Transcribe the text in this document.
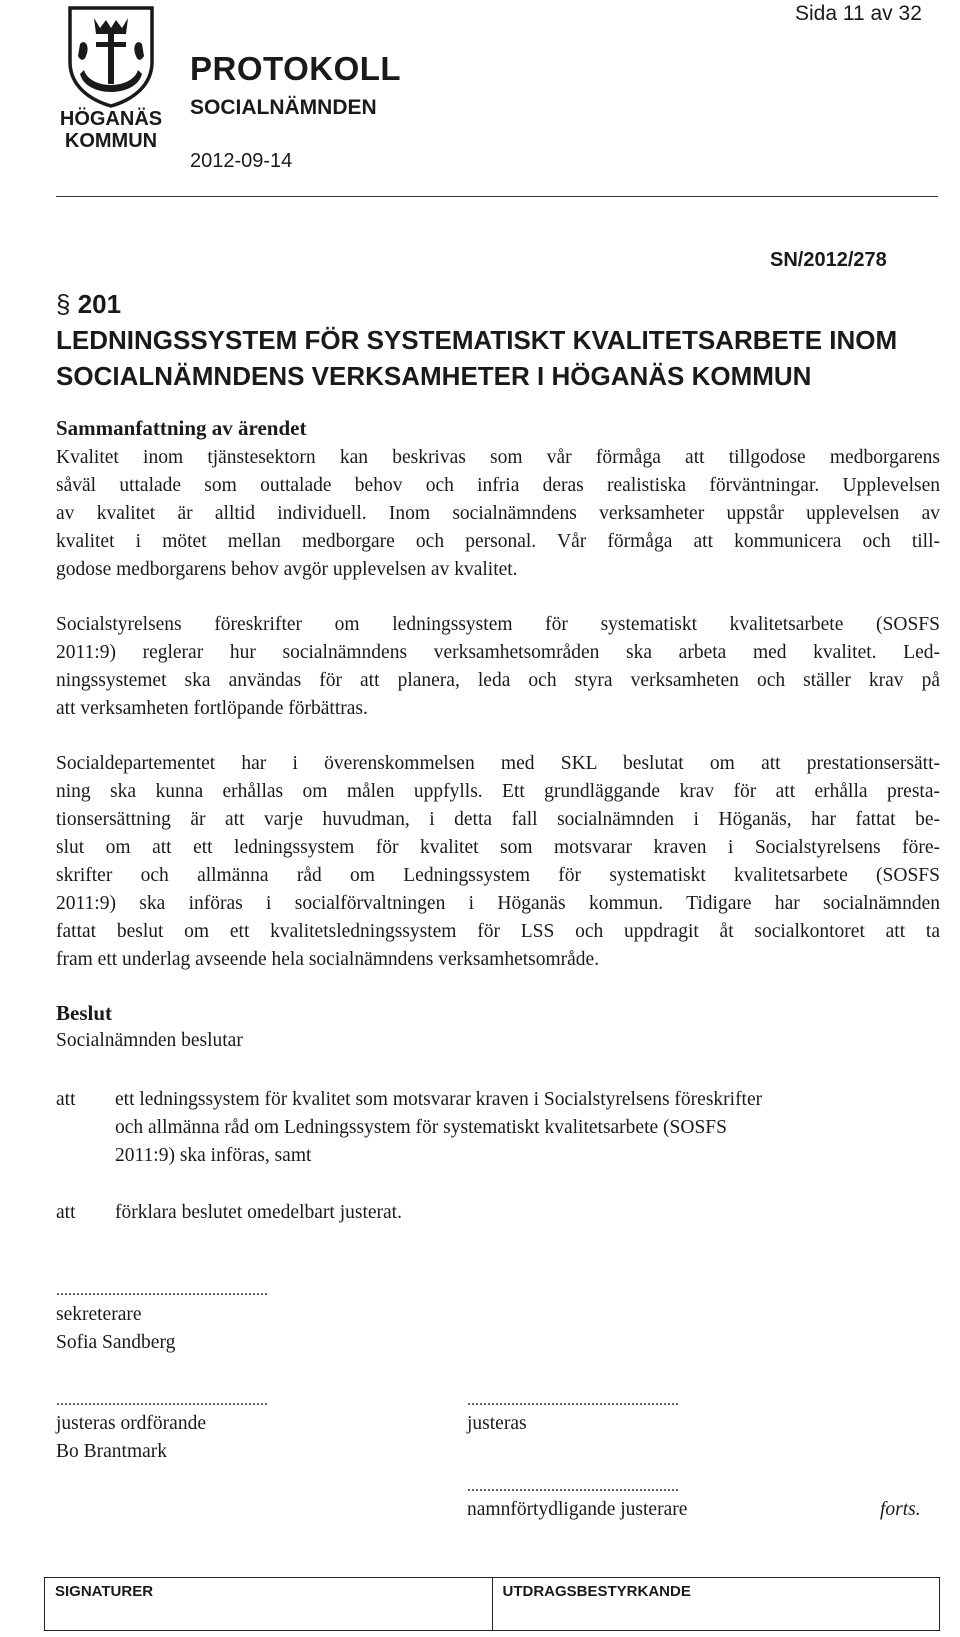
Sida 11 av 32
HÖGANÄS
KOMMUN
PROTOKOLL
SOCIALNÄMNDEN
2012-09-14
SN/2012/278
§ 201
LEDNINGSSYSTEM FÖR SYSTEMATISKT KVALITETSARBETE INOM
SOCIALNÄMNDENS VERKSAMHETER I HÖGANÄS KOMMUN
Sammanfattning av ärendet
Kvalitet inom tjänstesektorn kan beskrivas som vår förmåga att tillgodose medborgarens
såväl uttalade som outtalade behov och infria deras realistiska förväntningar. Upplevelsen
av kvalitet är alltid individuell. Inom socialnämndens verksamheter uppstår upplevelsen av
kvalitet i mötet mellan medborgare och personal. Vår förmåga att kommunicera och till-
godose medborgarens behov avgör upplevelsen av kvalitet.
Socialstyrelsens föreskrifter om ledningssystem för systematiskt kvalitetsarbete (SOSFS
2011:9) reglerar hur socialnämndens verksamhetsområden ska arbeta med kvalitet. Led-
ningssystemet ska användas för att planera, leda och styra verksamheten och ställer krav på
att verksamheten fortlöpande förbättras.
Socialdepartementet har i överenskommelsen med SKL beslutat om att prestationsersätt-
ning ska kunna erhållas om målen uppfylls. Ett grundläggande krav för att erhålla presta-
tionsersättning är att varje huvudman, i detta fall socialnämnden i Höganäs, har fattat be-
slut om att ett ledningssystem för kvalitet som motsvarar kraven i Socialstyrelsens före-
skrifter och allmänna råd om Ledningssystem för systematiskt kvalitetsarbete (SOSFS
2011:9) ska införas i socialförvaltningen i Höganäs kommun. Tidigare har socialnämnden
fattat beslut om ett kvalitetsledningssystem för LSS och uppdragit åt socialkontoret att ta
fram ett underlag avseende hela socialnämndens verksamhetsområde.
Beslut
Socialnämnden beslutar
att ett ledningssystem för kvalitet som motsvarar kraven i Socialstyrelsens föreskrifter
och allmänna råd om Ledningssystem för systematiskt kvalitetsarbete (SOSFS
2011:9) ska införas, samt
att förklara beslutet omedelbart justerat.
.....................................................
sekreterare
Sofia Sandberg
.....................................................
justeras ordförande
Bo Brantmark
.....................................................
justeras
.....................................................
namnförtydligande justerare	forts.
SIGNATURER	UTDRAGSBESTYRKANDE
